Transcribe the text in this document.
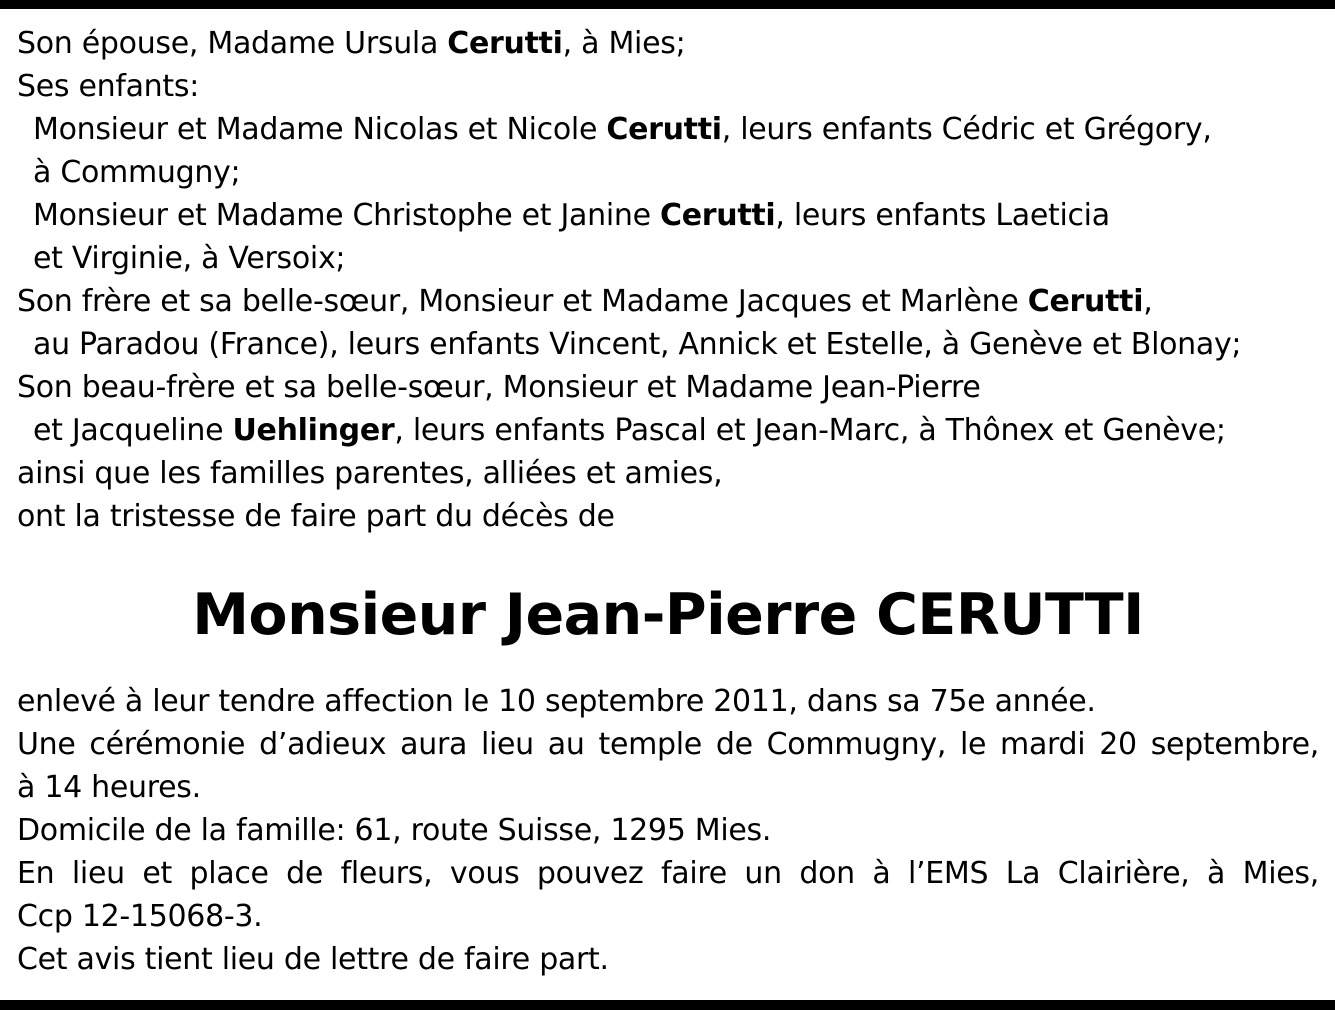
Son épouse, Madame Ursula Cerutti, à Mies;
Ses enfants:
Monsieur et Madame Nicolas et Nicole Cerutti, leurs enfants Cédric et Grégory,
à Commugny;
Monsieur et Madame Christophe et Janine Cerutti, leurs enfants Laeticia
et Virginie, à Versoix;
Son frère et sa belle-sœur, Monsieur et Madame Jacques et Marlène Cerutti,
au Paradou (France), leurs enfants Vincent, Annick et Estelle, à Genève et Blonay;
Son beau-frère et sa belle-sœur, Monsieur et Madame Jean-Pierre
et Jacqueline Uehlinger, leurs enfants Pascal et Jean-Marc, à Thônex et Genève;
ainsi que les familles parentes, alliées et amies,
ont la tristesse de faire part du décès de
Monsieur Jean-Pierre CERUTTI
enlevé à leur tendre affection le 10 septembre 2011, dans sa 75e année.
Une cérémonie d’adieux aura lieu au temple de Commugny, le mardi 20 septembre,
à 14 heures.
Domicile de la famille: 61, route Suisse, 1295 Mies.
En lieu et place de fleurs, vous pouvez faire un don à l’EMS La Clairière, à Mies,
Ccp 12-15068-3.
Cet avis tient lieu de lettre de faire part.
